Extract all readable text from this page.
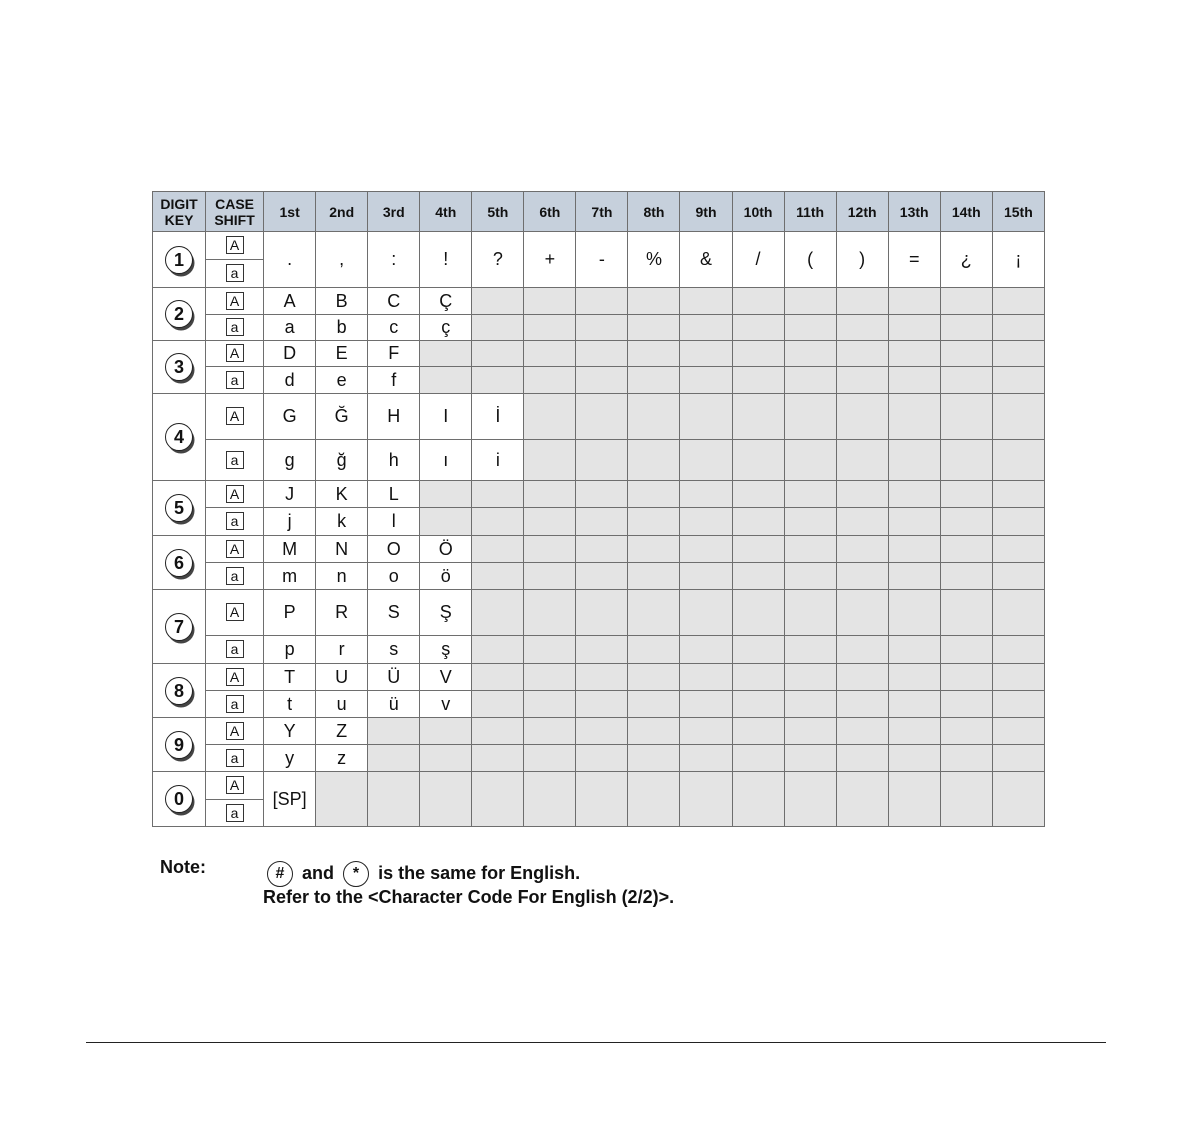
DIGIT KEY	CASE SHIFT	1st	2nd	3rd	4th	5th	6th	7th	8th	9th	10th	11th	12th	13th	14th	15th
1	A	.	,	:	!	?	+	-	%	&	/	(	)	=	¿	¡
	a															
2	A	A	B	C	Ç											
	a	a	b	c	ç											
3	A	D	E	F												
	a	d	e	f												
4	A	G	Ğ	H	I	İ										
	a	g	ğ	h	ı	i										
5	A	J	K	L												
	a	j	k	l												
6	A	M	N	O	Ö											
	a	m	n	o	ö											
7	A	P	R	S	Ş											
	a	p	r	s	ş											
8	A	T	U	Ü	V											
	a	t	u	ü	v											
9	A	Y	Z													
	a	y	z													
0	A	[SP]														
	a															
Note:	# and * is the same for English.
Refer to the <Character Code For English (2/2)>.
